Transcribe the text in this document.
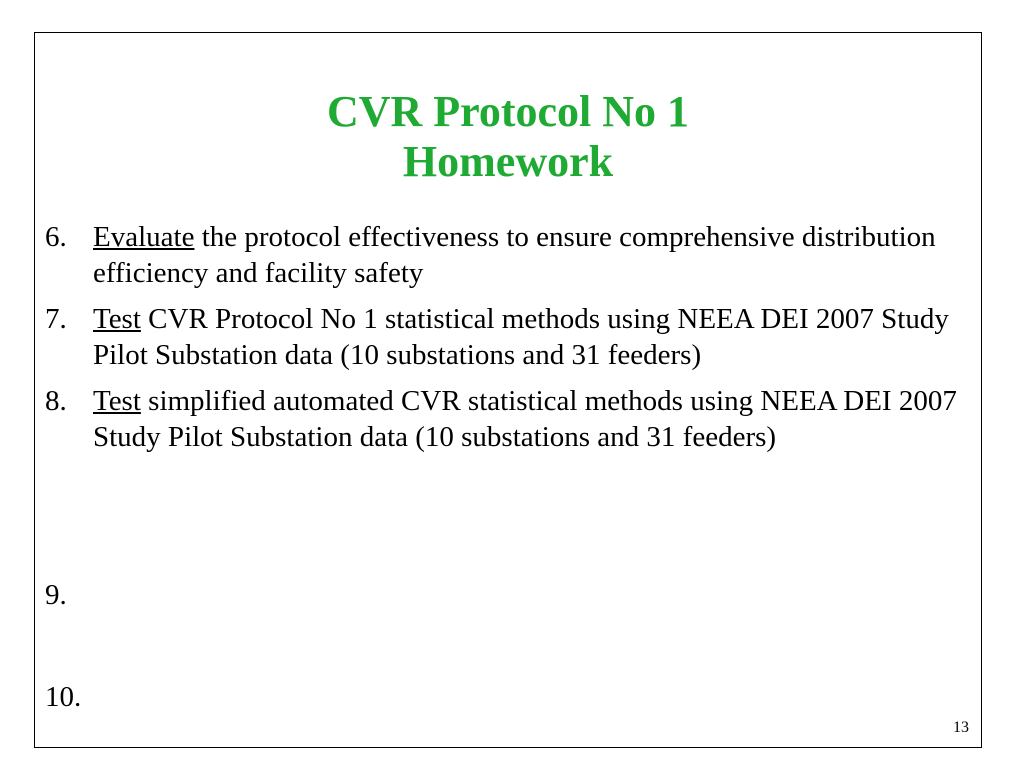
CVR Protocol No 1
Homework
6. Evaluate the protocol effectiveness to ensure comprehensive distribution efficiency and facility safety
7. Test CVR Protocol No 1 statistical methods using NEEA DEI 2007 Study Pilot Substation data (10 substations and 31 feeders)
8. Test simplified automated CVR statistical methods using NEEA DEI 2007 Study Pilot Substation data (10 substations and 31 feeders)
9.
10.
13
